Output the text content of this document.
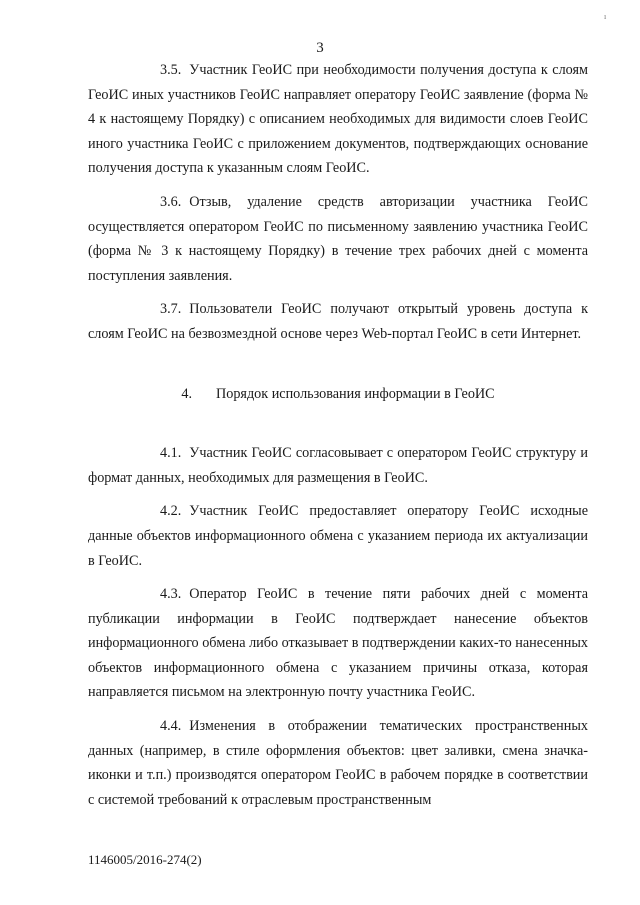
ı
3

3.5. Участник ГеоИС при необходимости получения доступа к слоям ГеоИС иных участников ГеоИС направляет оператору ГеоИС заявление (форма № 4 к настоящему Порядку) с описанием необходимых для видимости слоев ГеоИС иного участника ГеоИС с приложением документов, подтверждающих основание получения доступа к указанным слоям ГеоИС.

3.6. Отзыв, удаление средств авторизации участника ГеоИС осуществляется оператором ГеоИС по письменному заявлению участника ГеоИС (форма № 3 к настоящему Порядку) в течение трех рабочих дней с момента поступления заявления.

3.7. Пользователи ГеоИС получают открытый уровень доступа к слоям ГеоИС на безвозмездной основе через Web-портал ГеоИС в сети Интернет.

4. Порядок использования информации в ГеоИС

4.1. Участник ГеоИС согласовывает с оператором ГеоИС структуру и формат данных, необходимых для размещения в ГеоИС.

4.2. Участник ГеоИС предоставляет оператору ГеоИС исходные данные объектов информационного обмена с указанием периода их актуализации в ГеоИС.

4.3. Оператор ГеоИС в течение пяти рабочих дней с момента публикации информации в ГеоИС подтверждает нанесение объектов информационного обмена либо отказывает в подтверждении каких-то нанесенных объектов информационного обмена с указанием причины отказа, которая направляется письмом на электронную почту участника ГеоИС.

4.4. Изменения в отображении тематических пространственных данных (например, в стиле оформления объектов: цвет заливки, смена значка-иконки и т.п.) производятся оператором ГеоИС в рабочем порядке в соответствии с системой требований к отраслевым пространственным

1146005/2016-274(2)
